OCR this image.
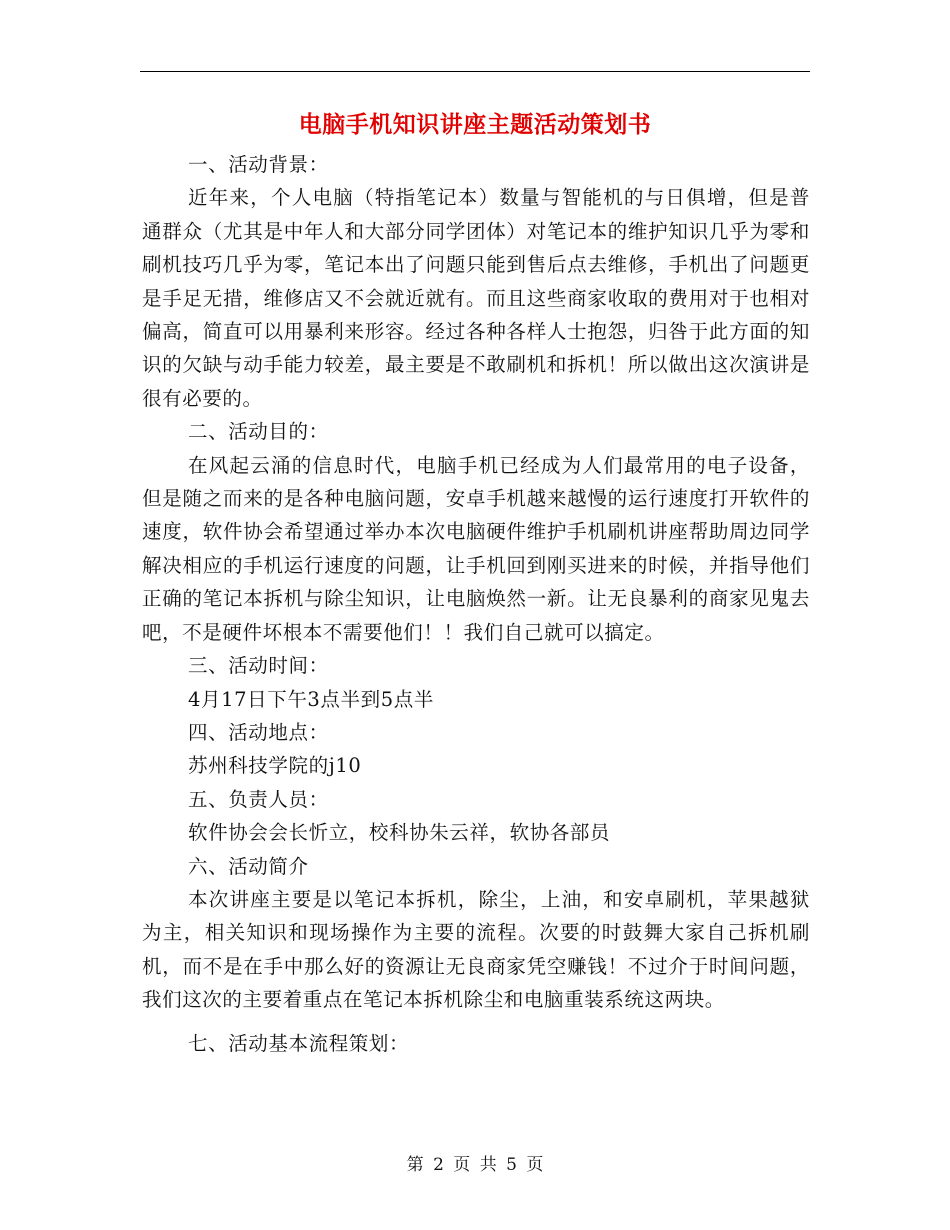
电脑手机知识讲座主题活动策划书

一、活动背景：

近年来，个人电脑（特指笔记本）数量与智能机的与日俱增，但是普通群众（尤其是中年人和大部分同学团体）对笔记本的维护知识几乎为零和刷机技巧几乎为零，笔记本出了问题只能到售后点去维修，手机出了问题更是手足无措，维修店又不会就近就有。而且这些商家收取的费用对于也相对偏高，简直可以用暴利来形容。经过各种各样人士抱怨，归咎于此方面的知识的欠缺与动手能力较差，最主要是不敢刷机和拆机！所以做出这次演讲是很有必要的。

二、活动目的：

在风起云涌的信息时代，电脑手机已经成为人们最常用的电子设备，但是随之而来的是各种电脑问题，安卓手机越来越慢的运行速度打开软件的速度，软件协会希望通过举办本次电脑硬件维护手机刷机讲座帮助周边同学解决相应的手机运行速度的问题，让手机回到刚买进来的时候，并指导他们正确的笔记本拆机与除尘知识，让电脑焕然一新。让无良暴利的商家见鬼去吧，不是硬件坏根本不需要他们！！我们自己就可以搞定。

三、活动时间：

4月17日下午3点半到5点半

四、活动地点：

苏州科技学院的j10

五、负责人员：

软件协会会长忻立，校科协朱云祥，软协各部员

六、活动简介

本次讲座主要是以笔记本拆机，除尘，上油，和安卓刷机，苹果越狱为主，相关知识和现场操作为主要的流程。次要的时鼓舞大家自己拆机刷机，而不是在手中那么好的资源让无良商家凭空赚钱！不过介于时间问题，我们这次的主要着重点在笔记本拆机除尘和电脑重装系统这两块。

七、活动基本流程策划：

第 2 页 共 5 页
